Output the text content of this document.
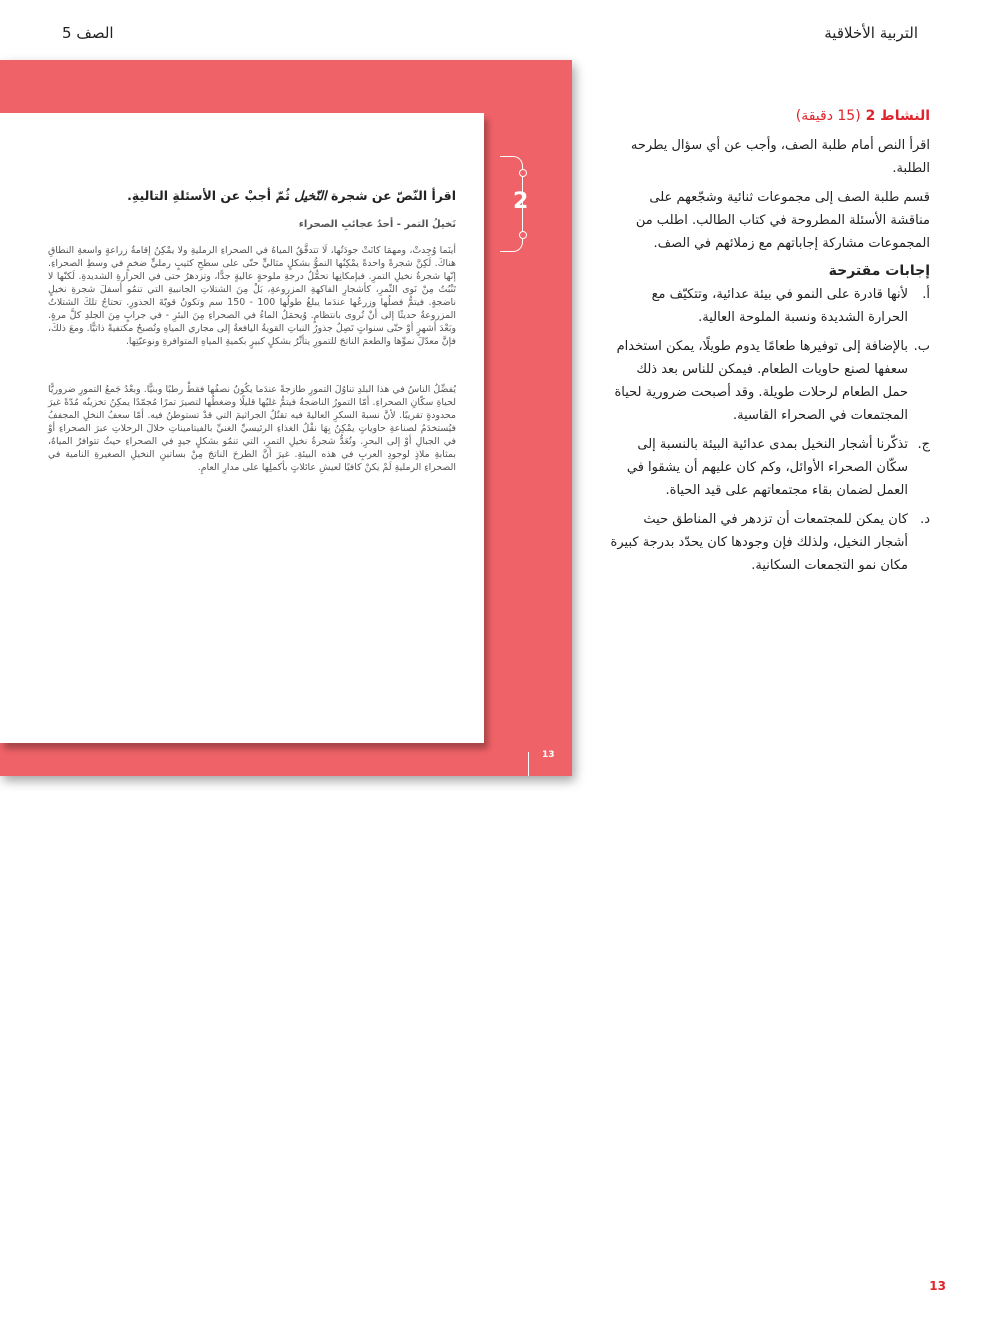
التربية الأخلاقية
الصف 5
2
اقرأ النّصّ عن شجرة النّخيل ثُمّ أجبْ عن الأسئلةِ التاليةِ.
نَخيلُ التمر - أحدُ عجائبِ الصحراء

أينَما وُجِدتْ، ومهمَا كانَتْ جودَتُها، لَا تتدفَّقُ المياهُ في الصحراءِ الرمليةِ ولا يمْكِنُ إقامةُ زراعةٍ واسعةِ النطاقِ هناكَ. لَكِنَّ شجرةً واحدةً يمْكِنُها النموُّ بشكلٍ مثاليٍّ حتّى على سطحِ كثيبٍ رمليٍّ ضخمٍ في وسطِ الصحراءِ. إنّها شجرةُ نخيلِ التمرِ. فبإمكانِها تحمُّلُ درجةِ ملوحةٍ عاليةٍ جدًّا، وتزدهرُ حتى في الحرارةِ الشديدةِ. لَكنّها لا تَنْبُتُ مِنْ نَوى الثّمرِ، كأشجارِ الفاكهةِ المزروعةِ، بَلْ مِنَ الشتلاتِ الجانبيةِ التي تنمُو أسفلَ شجرةِ نخيلٍ ناضجةٍ. فيتمُّ فصلُها وزرعُها عندَما يبلغُ طولُها 100 - 150 سم وتكونُ قويّةَ الجذورِ. تحتاجُ تلكَ الشتلاتُ المزروعةُ حديثًا إلى أنْ تُروى بانتظامٍ. وُيحمَلُ الماءُ في الصحراءِ مِنَ البئرِ - في جرابٍ مِنَ الجلدِ كلَّ مرةٍ. وبَعْدَ أشهرٍ أوْ حتّى سنواتٍ تَصِلُ جذورُ النباتِ القويةُ اليافعةُ إلى مجاري المياهِ وتُصبحُ مكتفيةً ذاتيًّا. ومعَ ذلكَ، فإنَّ معدّلَ نموِّها والطعمَ الناتجَ للتمورِ يتأثّرُ بشكلٍ كبيرٍ بكميةِ المياهِ المتوافرةِ ونوعيّتِها.

يُفضِّلُ الناسُ في هذا البلدِ تناوُلَ التمورِ طازجةً عندَما يكُونُ نصفُها فقطْ رطبًا وبنيًّا. وبعْدُ جَمعُ التمورِ ضروريًّا لحياةِ سكّانِ الصحراءِ. أمّا التمورُ الناضجةُ فيتمُّ غليُها قليلًا وضغطُها لتصيرَ تمرًا مُجمّدًا يمكِنُ تخزينُه مُدّةً غيرَ محدودةٍ تقريبًا. لأنَّ نسبةَ السكرِ العاليةَ فيه تقتُلُ الجراثيمَ التي قدْ تستوطنُ فيه. أمّا سعفُ النخلِ المجففُ فيُستخدَمُ لصناعةِ حاوياتٍ يمْكِنُ بِهَا نقْلُ الغذاءِ الرئيسيِّ الغنيِّ بالفيتاميناتِ خلالَ الرحلاتِ عبرَ الصحراءِ أوْ في الجبالِ أوْ إلى البحرِ. وتُعَدُّ شجرةُ نخيلِ التمرِ، التي تنمُو بشكلٍ جيدٍ في الصحراءِ حيثُ تتوافرُ المياهُ، بمثابةِ ملاذٍ لوجودِ العربِ في هذه البيئةِ. غيرَ أنَّ الطرحَ الناتجَ مِنْ بساتينِ النخيلِ الصغيرةِ النامية في الصحراءِ الرمليةِ لَمْ يكنْ كافيًا لعيشِ عائلاتٍ بأكملِها على مدارِ العامِ.

13

النشاط 2 (15 دقيقة)

اقرأ النص أمام طلبة الصف، وأجب عن أي سؤال يطرحه الطلبة.

قسم طلبة الصف إلى مجموعات ثنائية وشجّعهم على مناقشة الأسئلة المطروحة في كتاب الطالب. اطلب من المجموعات مشاركة إجاباتهم مع زملائهم في الصف.

إجابات مقترحة

أ.
لأنها قادرة على النمو في بيئة عدائية، وتتكيّف مع الحرارة الشديدة ونسبة الملوحة العالية.
ب.
بالإضافة إلى توفيرها طعامًا يدوم طويلًا، يمكن استخدام سعفها لصنع حاويات الطعام. فيمكن للناس بعد ذلك حمل الطعام لرحلات طويلة. وقد أصبحت ضرورية لحياة المجتمعات في الصحراء القاسية.
ج.
تذكّرنا أشجار النخيل بمدى عدائية البيئة بالنسبة إلى سكّان الصحراء الأوائل، وكم كان عليهم أن يشقوا في العمل لضمان بقاء مجتمعاتهم على قيد الحياة.
د.
كان يمكن للمجتمعات أن تزدهر في المناطق حيث أشجار النخيل، ولذلك فإن وجودها كان يحدّد بدرجة كبيرة مكان نمو التجمعات السكانية.
13
